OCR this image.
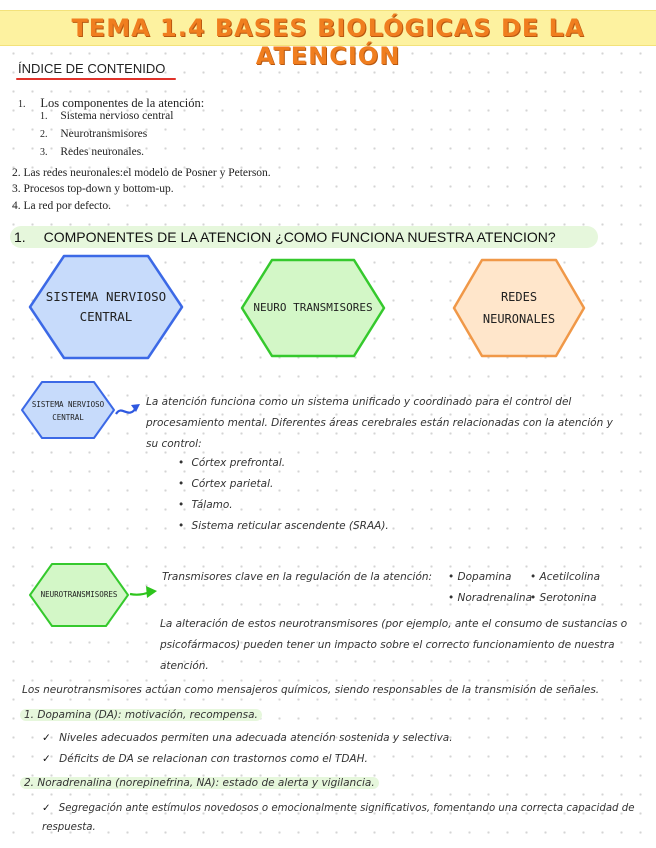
TEMA 1.4 BASES BIOLÓGICAS DE LA ATENCIÓN
ÍNDICE DE CONTENIDO
1. Los componentes de la atención:
1. Sistema nervioso central
2. Neurotransmisores
3. Redes neuronales.
2. Las redes neuronales:el modelo de Posner y Peterson.
3. Procesos top-down y bottom-up.
4. La red por defecto.
1. COMPONENTES DE LA ATENCION ¿COMO FUNCIONA NUESTRA ATENCION?
SISTEMA NERVIOSO CENTRAL
NEURO TRANSMISORES
REDES NEURONALES
SISTEMA NERVIOSO CENTRAL
La atención funciona como un sistema unificado y coordinado para el control del
procesamiento mental. Diferentes áreas cerebrales están relacionadas con la atención y
su control:
• Córtex prefrontal.
• Córtex parietal.
• Tálamo.
• Sistema reticular ascendente (SRAA).
NEUROTRANSMISORES
Transmisores clave en la regulación de la atención: • Dopamina • Acetilcolina
• Noradrenalina
• Serotonina
La alteración de estos neurotransmisores (por ejemplo, ante el consumo de sustancias o
psicofármacos) pueden tener un impacto sobre el correcto funcionamiento de nuestra
atención.
Los neurotransmisores actúan como mensajeros químicos, siendo responsables de la transmisión de señales.
1. Dopamina (DA): motivación, recompensa.
✓ Niveles adecuados permiten una adecuada atención sostenida y selectiva.
✓ Déficits de DA se relacionan con trastornos como el TDAH.
2. Noradrenalina (norepinefrina, NA): estado de alerta y vigilancia.
✓ Segregación ante estímulos novedosos o emocionalmente significativos, fomentando una correcta capacidad de
respuesta.
